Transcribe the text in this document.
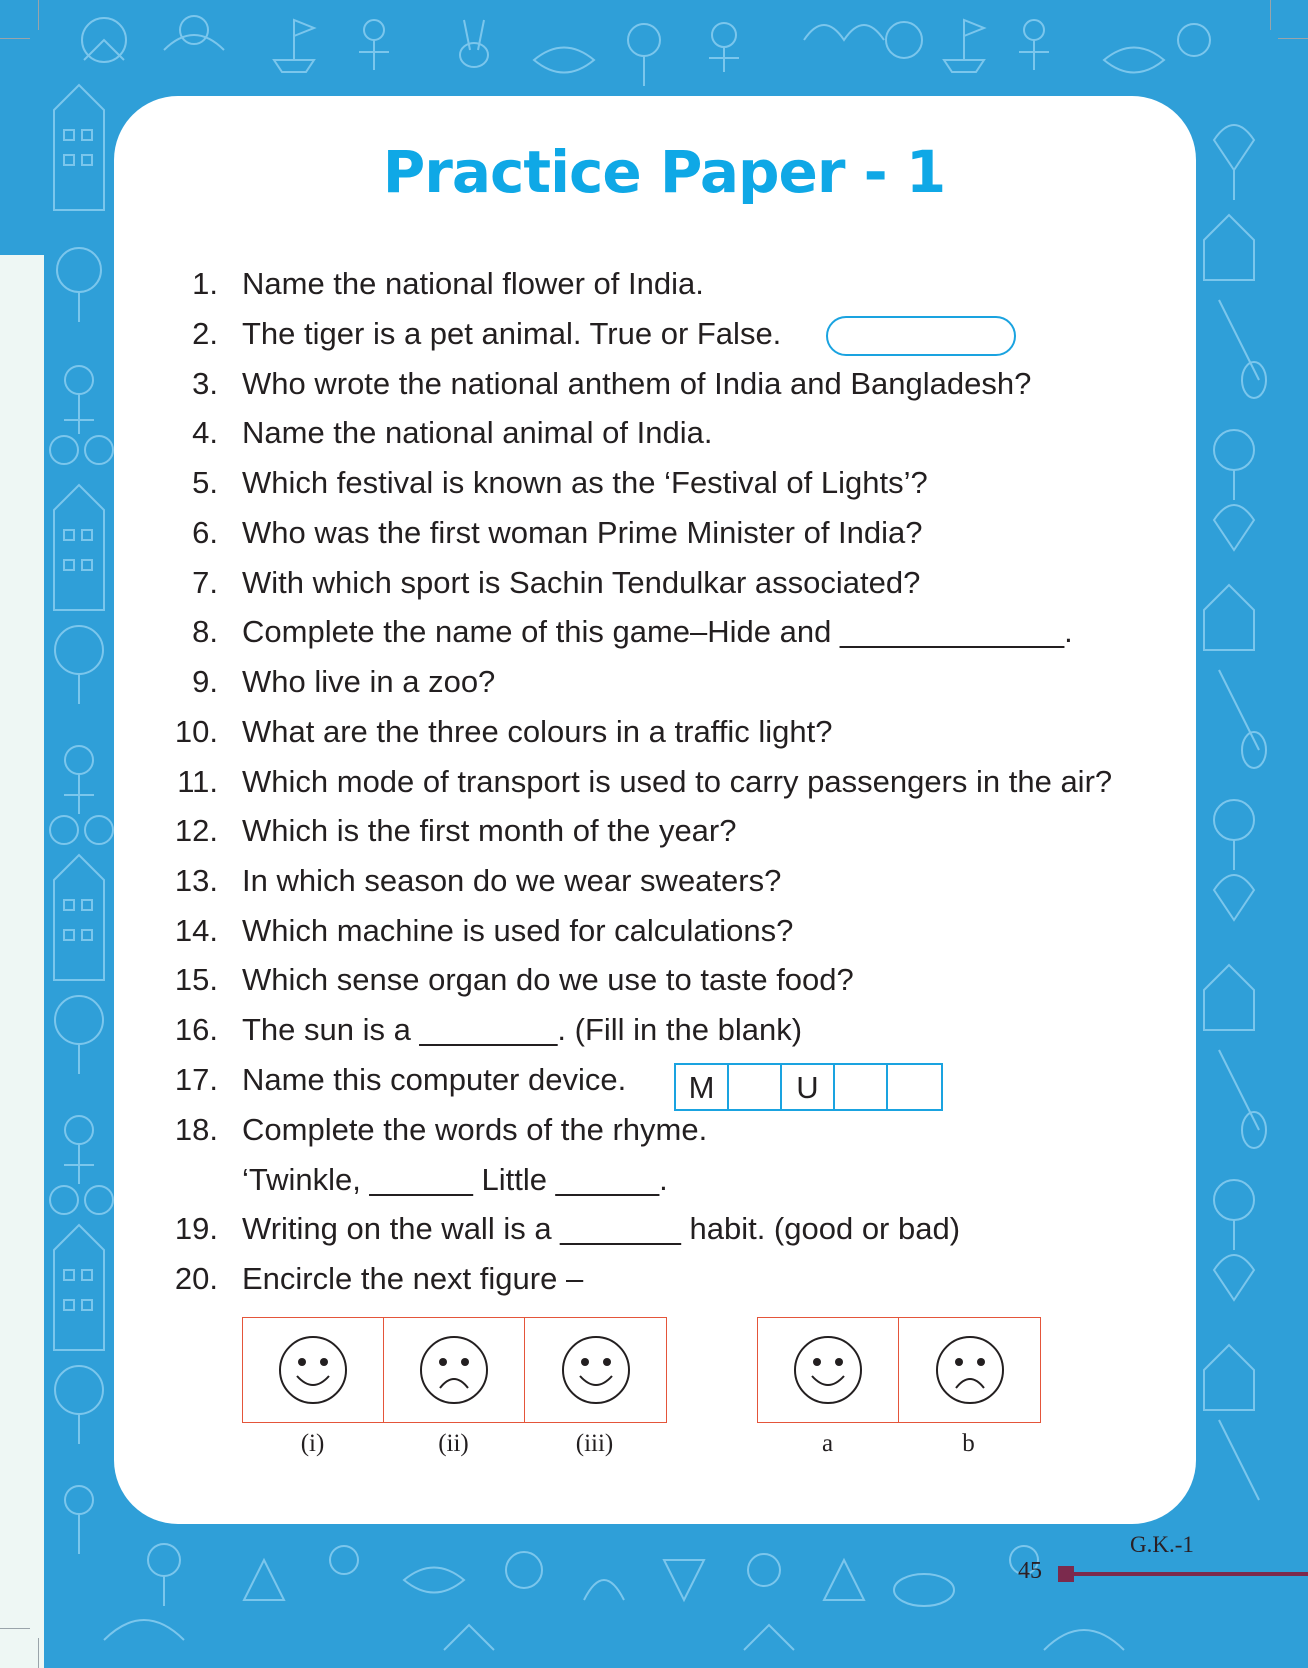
Practice Paper - 1
1. Name the national flower of India.
2. The tiger is a pet animal. True or False.
3. Who wrote the national anthem of India and Bangladesh?
4. Name the national animal of India.
5. Which festival is known as the ‘Festival of Lights’?
6. Who was the first woman Prime Minister of India?
7. With which sport is Sachin Tendulkar associated?
8. Complete the name of this game–Hide and _____________.
9. Who live in a zoo?
10. What are the three colours in a traffic light?
11. Which mode of transport is used to carry passengers in the air?
12. Which is the first month of the year?
13. In which season do we wear sweaters?
14. Which machine is used for calculations?
15. Which sense organ do we use to taste food?
16. The sun is a ________. (Fill in the blank)
17. Name this computer device.	M	U
18. Complete the words of the rhyme.
‘Twinkle, ______ Little ______.
19. Writing on the wall is a _______ habit. (good or bad)
20. Encircle the next figure –
(i)	(ii)	(iii)	a	b
G.K.-1
45
